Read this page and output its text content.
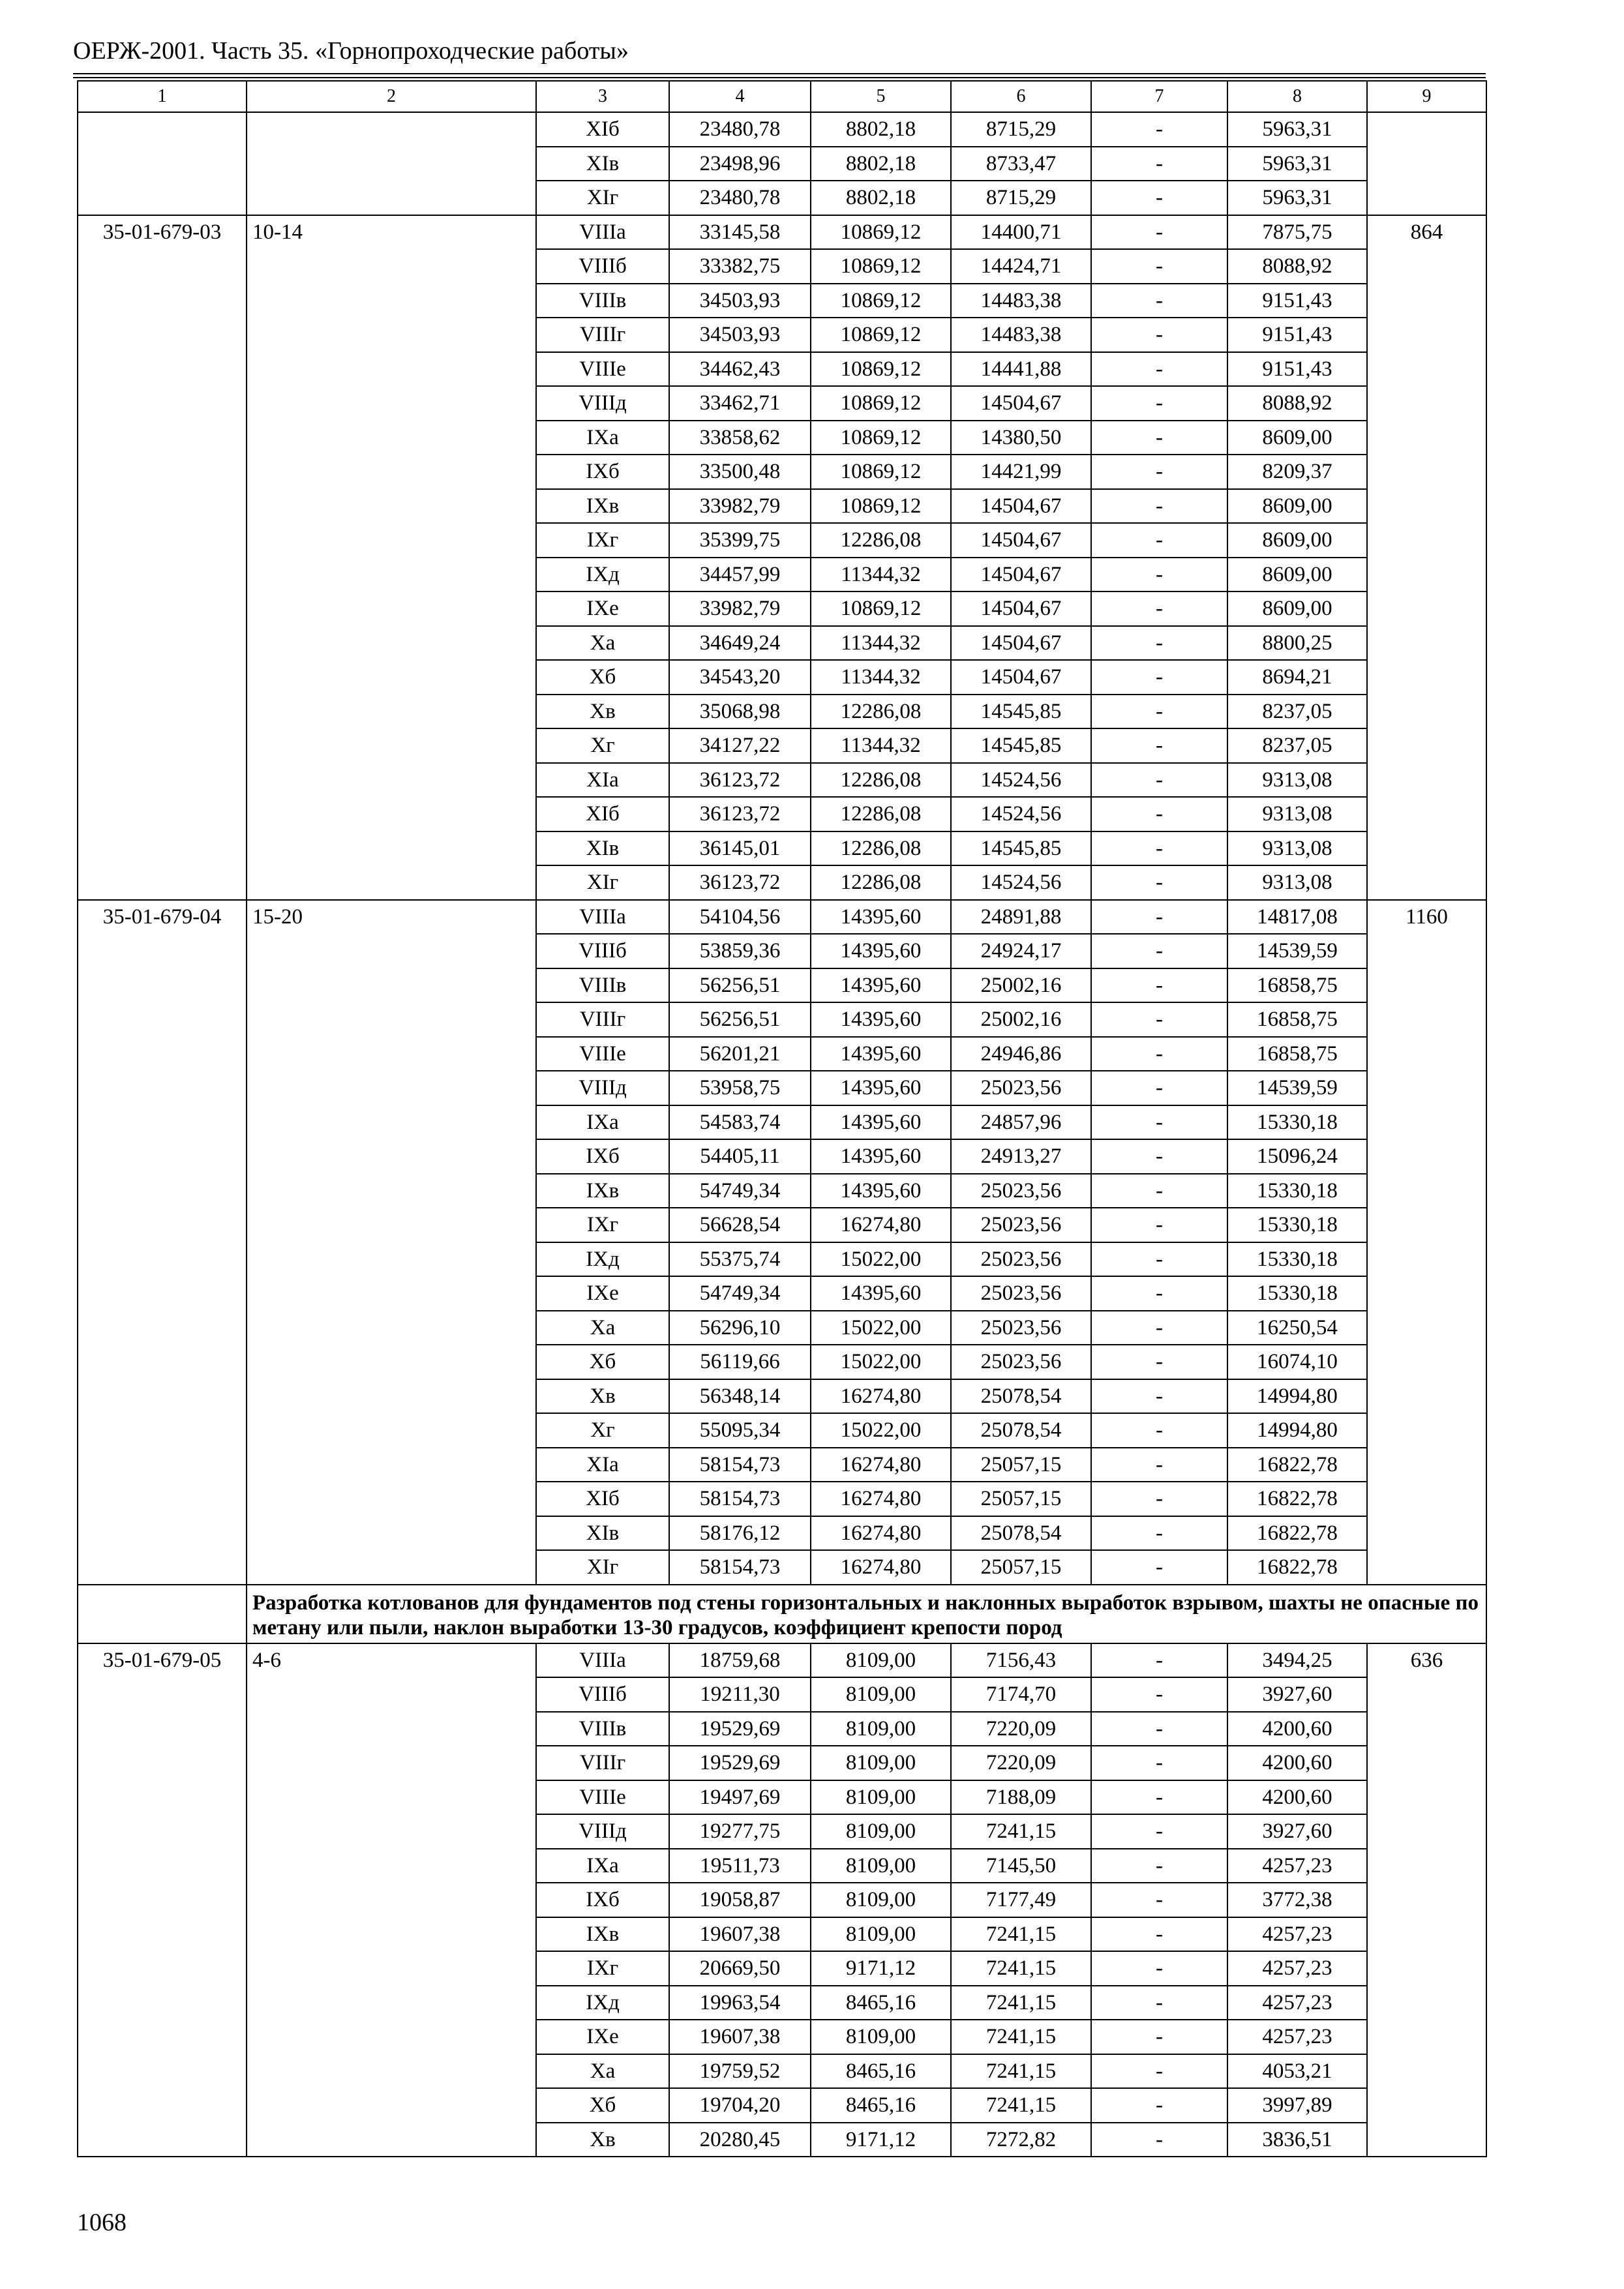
ОЕРЖ-2001. Часть 35. «Горнопроходческие работы»
1	2	3	4	5	6	7	8	9
		ХIб	23480,78	8802,18	8715,29	-	5963,31	
		ХIв	23498,96	8802,18	8733,47	-	5963,31	
		ХIг	23480,78	8802,18	8715,29	-	5963,31	
35-01-679-03	10-14	VIIIа	33145,58	10869,12	14400,71	-	7875,75	864
		VIIIб	33382,75	10869,12	14424,71	-	8088,92	
		VIIIв	34503,93	10869,12	14483,38	-	9151,43	
		VIIIг	34503,93	10869,12	14483,38	-	9151,43	
		VIIIе	34462,43	10869,12	14441,88	-	9151,43	
		VIIIд	33462,71	10869,12	14504,67	-	8088,92	
		IХа	33858,62	10869,12	14380,50	-	8609,00	
		IХб	33500,48	10869,12	14421,99	-	8209,37	
		IХв	33982,79	10869,12	14504,67	-	8609,00	
		IХг	35399,75	12286,08	14504,67	-	8609,00	
		IХд	34457,99	11344,32	14504,67	-	8609,00	
		IХе	33982,79	10869,12	14504,67	-	8609,00	
		Ха	34649,24	11344,32	14504,67	-	8800,25	
		Хб	34543,20	11344,32	14504,67	-	8694,21	
		Хв	35068,98	12286,08	14545,85	-	8237,05	
		Хг	34127,22	11344,32	14545,85	-	8237,05	
		ХIа	36123,72	12286,08	14524,56	-	9313,08	
		ХIб	36123,72	12286,08	14524,56	-	9313,08	
		ХIв	36145,01	12286,08	14545,85	-	9313,08	
		ХIг	36123,72	12286,08	14524,56	-	9313,08	
35-01-679-04	15-20	VIIIа	54104,56	14395,60	24891,88	-	14817,08	1160
		VIIIб	53859,36	14395,60	24924,17	-	14539,59	
		VIIIв	56256,51	14395,60	25002,16	-	16858,75	
		VIIIг	56256,51	14395,60	25002,16	-	16858,75	
		VIIIе	56201,21	14395,60	24946,86	-	16858,75	
		VIIIд	53958,75	14395,60	25023,56	-	14539,59	
		IХа	54583,74	14395,60	24857,96	-	15330,18	
		IХб	54405,11	14395,60	24913,27	-	15096,24	
		IХв	54749,34	14395,60	25023,56	-	15330,18	
		IХг	56628,54	16274,80	25023,56	-	15330,18	
		IХд	55375,74	15022,00	25023,56	-	15330,18	
		IХе	54749,34	14395,60	25023,56	-	15330,18	
		Ха	56296,10	15022,00	25023,56	-	16250,54	
		Хб	56119,66	15022,00	25023,56	-	16074,10	
		Хв	56348,14	16274,80	25078,54	-	14994,80	
		Хг	55095,34	15022,00	25078,54	-	14994,80	
		ХIа	58154,73	16274,80	25057,15	-	16822,78	
		ХIб	58154,73	16274,80	25057,15	-	16822,78	
		ХIв	58176,12	16274,80	25078,54	-	16822,78	
		ХIг	58154,73	16274,80	25057,15	-	16822,78	
	Разработка котлованов для фундаментов под стены горизонтальных и наклонных выработок взрывом, шахты не опасные по метану или пыли, наклон выработки 13-30 градусов, коэффициент крепости пород							
35-01-679-05	4-6	VIIIа	18759,68	8109,00	7156,43	-	3494,25	636
		VIIIб	19211,30	8109,00	7174,70	-	3927,60	
		VIIIв	19529,69	8109,00	7220,09	-	4200,60	
		VIIIг	19529,69	8109,00	7220,09	-	4200,60	
		VIIIе	19497,69	8109,00	7188,09	-	4200,60	
		VIIIд	19277,75	8109,00	7241,15	-	3927,60	
		IХа	19511,73	8109,00	7145,50	-	4257,23	
		IХб	19058,87	8109,00	7177,49	-	3772,38	
		IХв	19607,38	8109,00	7241,15	-	4257,23	
		IХг	20669,50	9171,12	7241,15	-	4257,23	
		IХд	19963,54	8465,16	7241,15	-	4257,23	
		IХе	19607,38	8109,00	7241,15	-	4257,23	
		Ха	19759,52	8465,16	7241,15	-	4053,21	
		Хб	19704,20	8465,16	7241,15	-	3997,89	
		Хв	20280,45	9171,12	7272,82	-	3836,51	
1068
